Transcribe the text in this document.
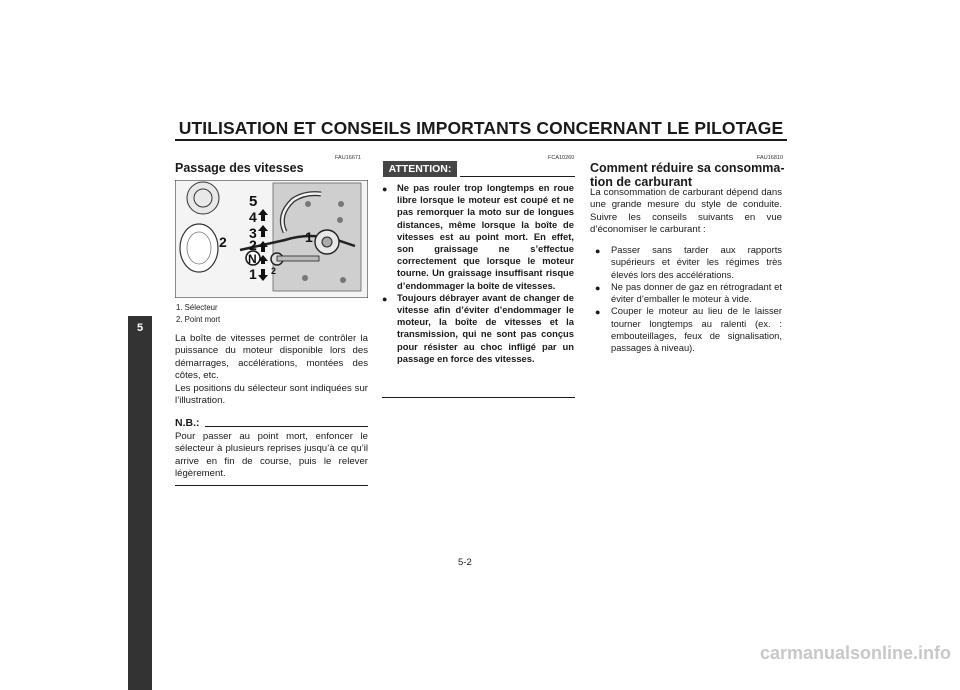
UTILISATION ET CONSEILS IMPORTANTS CONCERNANT LE PILOTAGE
5
FAU16671
Passage des vitesses
5
4
3
2
N
1
2	1
2
1. Sélecteur
2. Point mort

La boîte de vitesses permet de contrôler la puissance du moteur disponible lors des démarrages, accélérations, montées des côtes, etc.

Les positions du sélecteur sont indiquées sur l’illustration.

N.B.:
Pour passer au point mort, enfoncer le sélecteur à plusieurs reprises jusqu’à ce qu’il arrive en fin de course, puis le relever légèrement.
FCA10260
ATTENTION:
● Ne pas rouler trop longtemps en roue libre lorsque le moteur est coupé et ne pas remorquer la moto sur de longues distances, même lorsque la boîte de vitesses est au point mort. En effet, son graissage ne s’effectue correctement que lorsque le moteur tourne. Un graissage insuffisant risque d’endommager la boîte de vitesses.
● Toujours débrayer avant de changer de vitesse afin d’éviter d’endommager le moteur, la boîte de vitesses et la transmission, qui ne sont pas conçus pour résister au choc infligé par un passage en force des vitesses.
FAU16810
Comment réduire sa consomma-
tion de carburant
La consommation de carburant dépend dans une grande mesure du style de conduite. Suivre les conseils suivants en vue d’économiser le carburant :
● Passer sans tarder aux rapports supérieurs et éviter les régimes très élevés lors des accélérations.
● Ne pas donner de gaz en rétrogradant et éviter d’emballer le moteur à vide.
● Couper le moteur au lieu de le laisser tourner longtemps au ralenti (ex. : embouteillages, feux de signalisation, passages à niveau).
5-2
carmanualsonline.info
